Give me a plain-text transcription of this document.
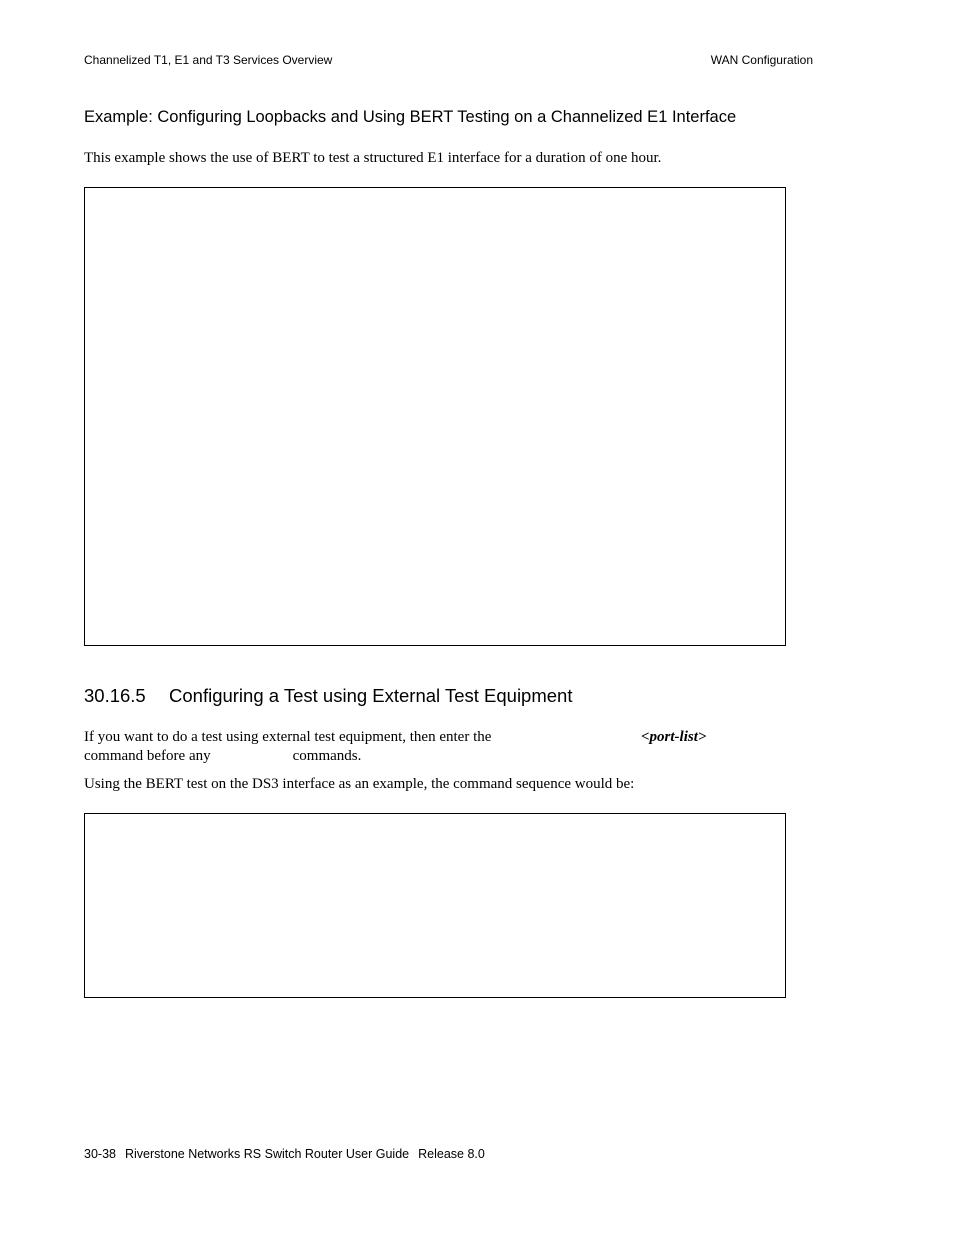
Channelized T1, E1 and T3 Services Overview	WAN Configuration
Example: Configuring Loopbacks and Using BERT Testing on a Channelized E1 Interface
This example shows the use of BERT to test a structured E1 interface for a duration of one hour.
30.16.5 Configuring a Test using External Test Equipment
If you want to do a test using external test equipment, then enter the	<port-list>
command before any	commands.
Using the BERT test on the DS3 interface as an example, the command sequence would be:
30-38 Riverstone Networks RS Switch Router User Guide Release 8.0
